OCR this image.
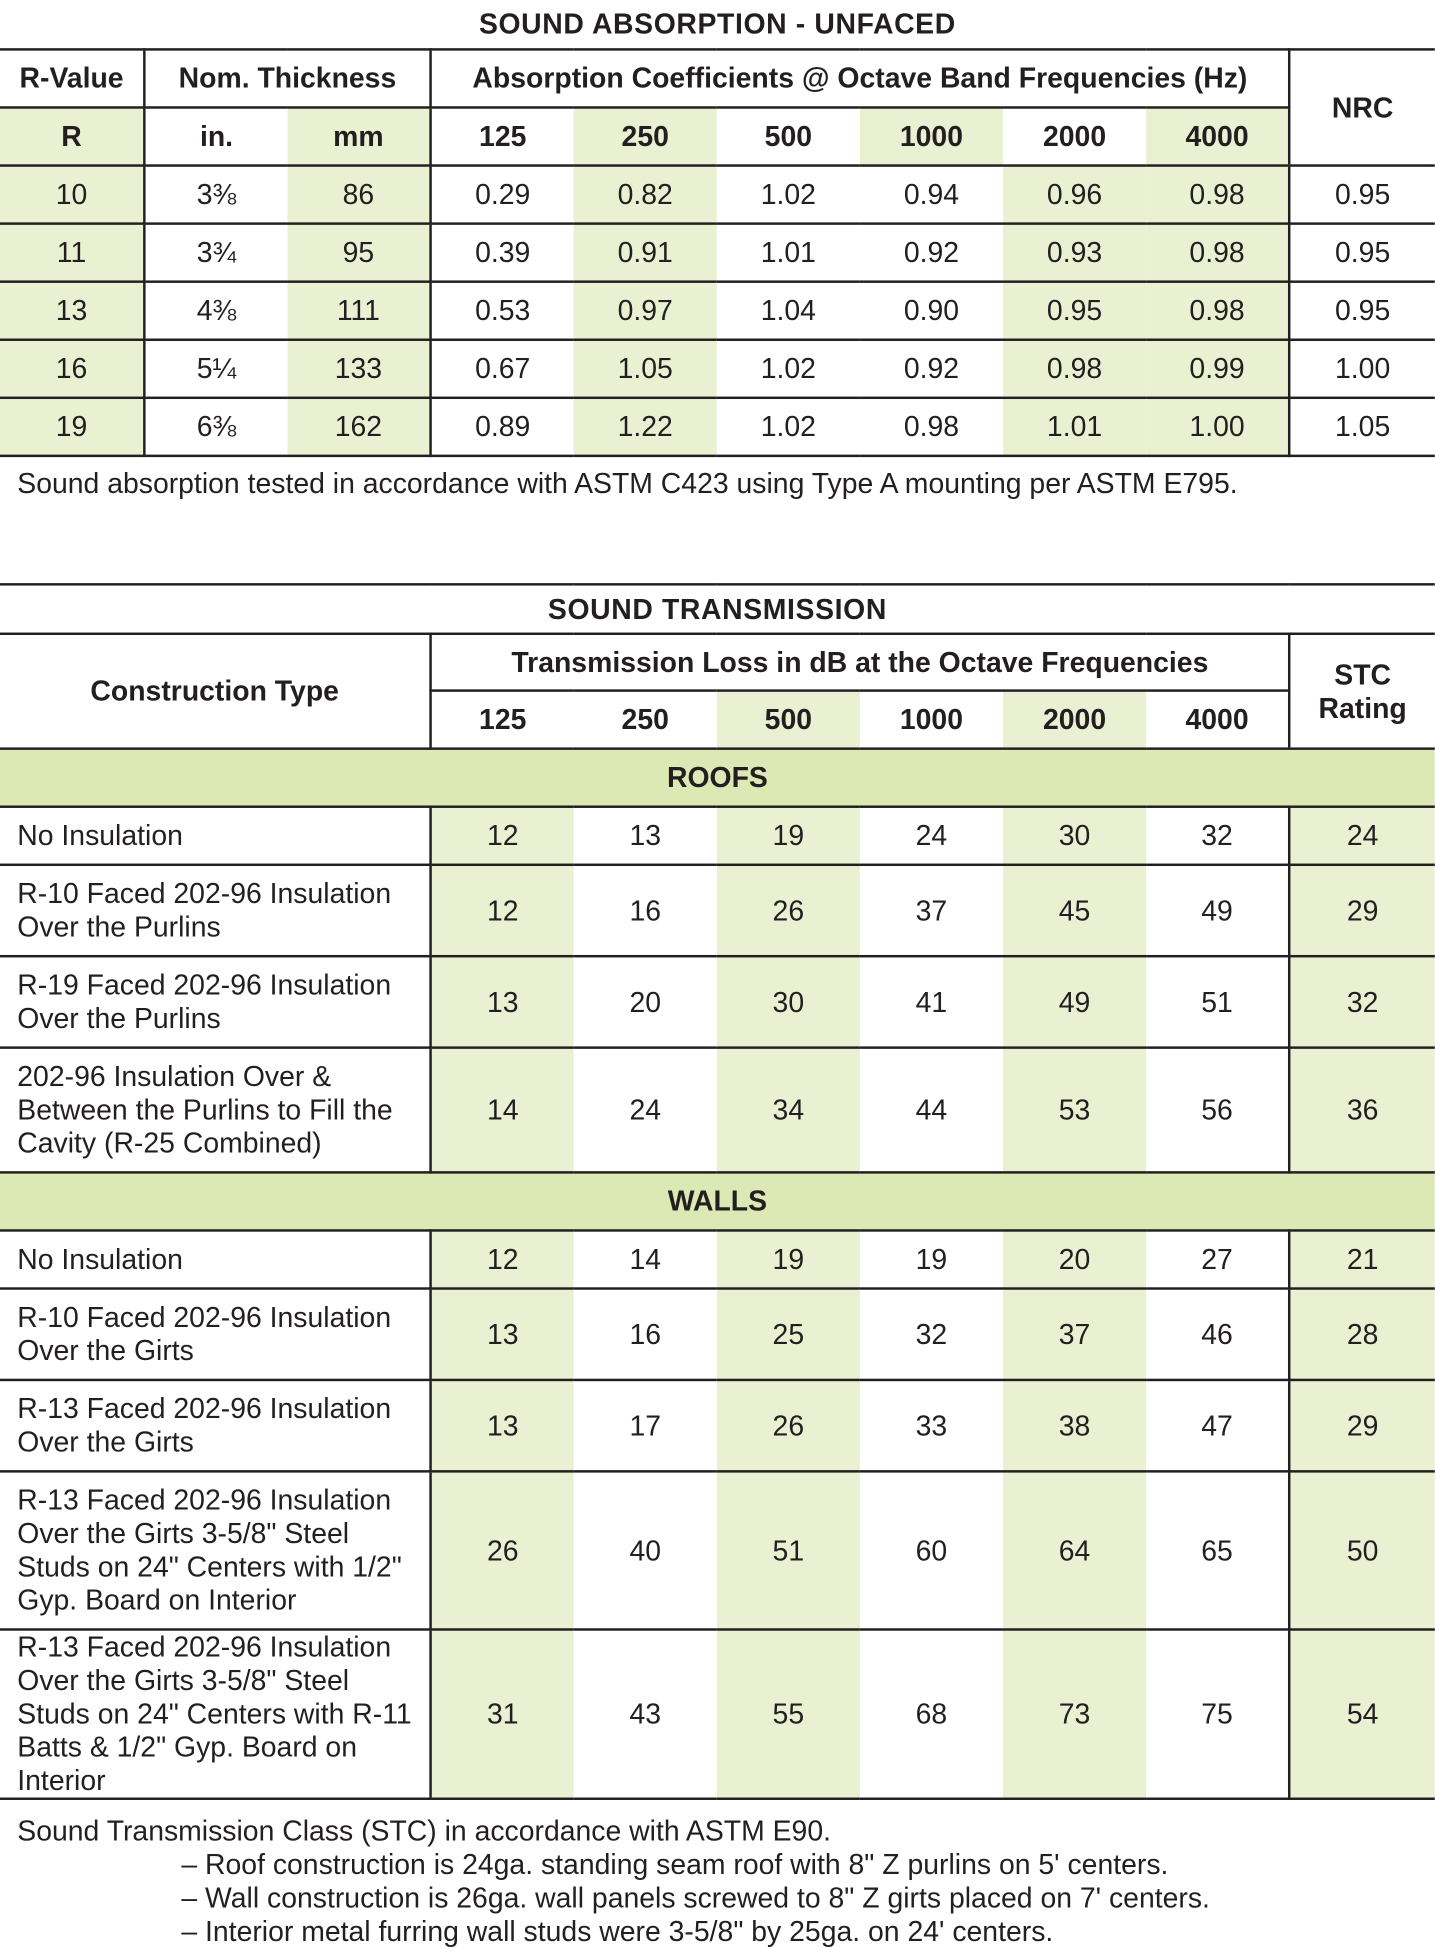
SOUND ABSORPTION - UNFACED									
R-Value	Nom. Thickness		Absorption Coefficients @ Octave Band Frequencies (Hz)						NRC
R	in.	mm	125	250	500	1000	2000	4000	
10	3⅜	86	0.29	0.82	1.02	0.94	0.96	0.98	0.95
11	3¾	95	0.39	0.91	1.01	0.92	0.93	0.98	0.95
13	4⅜	111	0.53	0.97	1.04	0.90	0.95	0.98	0.95
16	5¼	133	0.67	1.05	1.02	0.92	0.98	0.99	1.00
19	6⅜	162	0.89	1.22	1.02	0.98	1.01	1.00	1.05
Sound absorption tested in accordance with ASTM C423 using Type A mounting per ASTM E795.
SOUND TRANSMISSION							
Construction Type	Transmission Loss in dB at the Octave Frequencies						STC
Rating

	125	250	500	1000	2000	4000	
ROOFS							
No Insulation	12	13	19	24	30	32	24
R-10 Faced 202-96 Insulation Over the Purlins	12	16	26	37	45	49	29
R-19 Faced 202-96 Insulation Over the Purlins	13	20	30	41	49	51	32
202-96 Insulation Over & Between the Purlins to Fill the Cavity (R-25 Combined)	14	24	34	44	53	56	36
WALLS							
No Insulation	12	14	19	19	20	27	21
R-10 Faced 202-96 Insulation Over the Girts	13	16	25	32	37	46	28
R-13 Faced 202-96 Insulation Over the Girts	13	17	26	33	38	47	29
R-13 Faced 202-96 Insulation Over the Girts 3-5/8" Steel Studs on 24" Centers with 1/2" Gyp. Board on Interior	26	40	51	60	64	65	50
R-13 Faced 202-96 Insulation Over the Girts 3-5/8" Steel Studs on 24" Centers with R-11 Batts & 1/2" Gyp. Board on Interior	31	43	55	68	73	75	54
Sound Transmission Class (STC) in accordance with ASTM E90.
– Roof construction is 24ga. standing seam roof with 8" Z purlins on 5' centers.
– Wall construction is 26ga. wall panels screwed to 8" Z girts placed on 7' centers.
– Interior metal furring wall studs were 3-5/8" by 25ga. on 24' centers.
